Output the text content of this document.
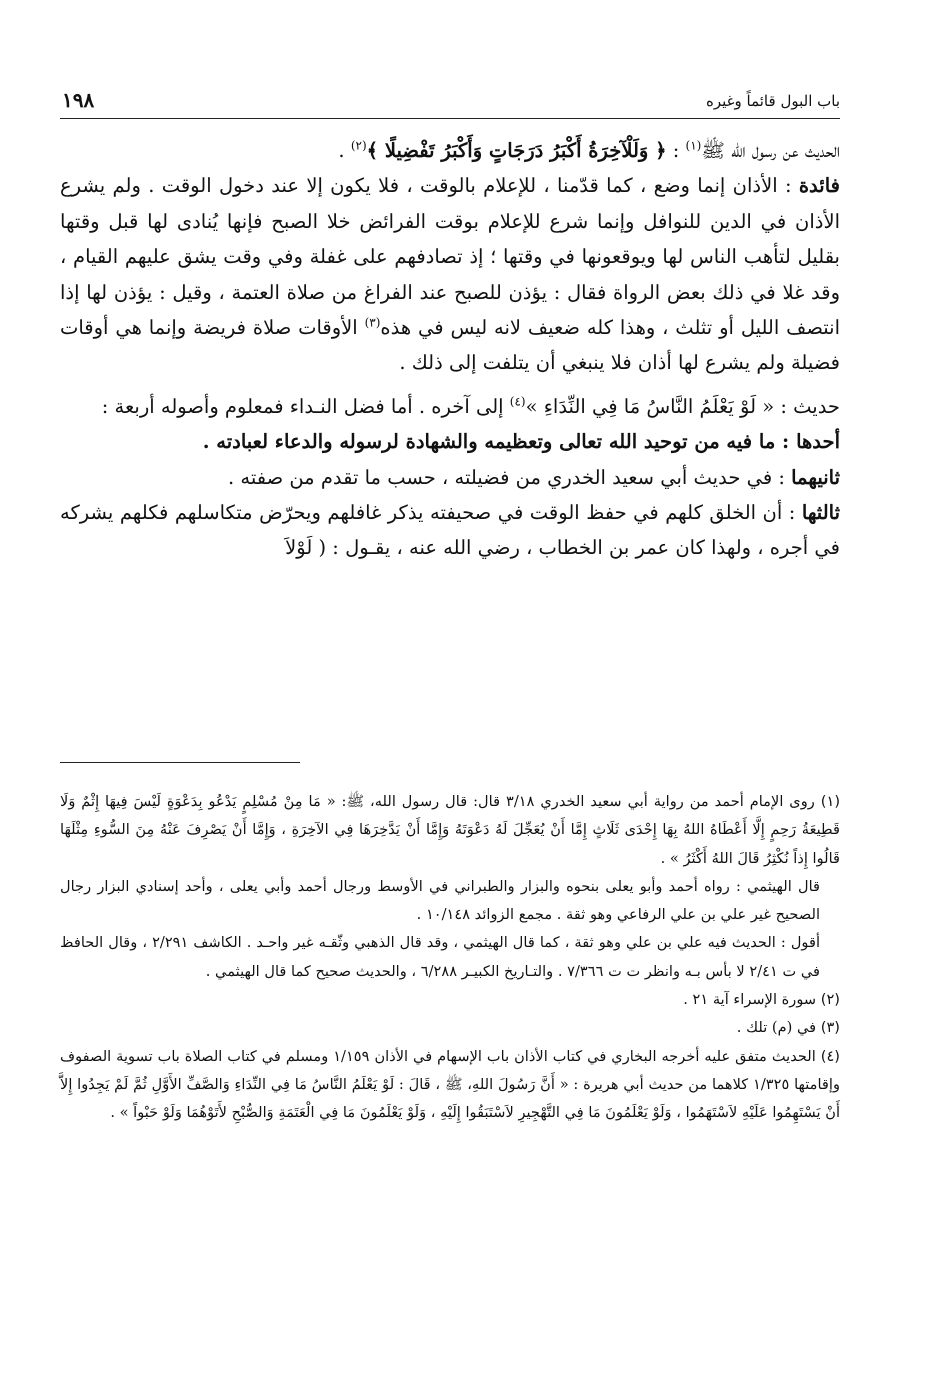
باب البول قائماً وغيره
١٩٨

الحديث عن رسول الله ﷺ$^{(١)}$ : ﴿ وَلَلْآخِرَةُ أَكْبَرُ دَرَجَاتٍ وَأَكْبَرُ تَفْضِيلًا ﴾$^{(٢)}$ .

فائدة : الأذان إنما وضع ، كما قدّمنا ، للإعلام بالوقت ، فلا يكون إلا عند دخول الوقت . ولم يشرع الأذان في الدين للنوافل وإنما شرع للإعلام بوقت الفرائض خلا الصبح فإنها يُنادى لها قبل وقتها بقليل لتأهب الناس لها ويوقعونها في وقتها ؛ إذ تصادفهم على غفلة وفي وقت يشق عليهم القيام ، وقد غلا في ذلك بعض الرواة فقال : يؤذن للصبح عند الفراغ من صلاة العتمة ، وقيل : يؤذن لها إذا انتصف الليل أو تثلث ، وهذا كله ضعيف لانه ليس في هذه$^{(٣)}$ الأوقات صلاة فريضة وإنما هي أوقات فضيلة ولم يشرع لها أذان فلا ينبغي أن يتلفت إلى ذلك .

حديث : « لَوْ يَعْلَمُ النَّاسُ مَا فِي النِّدَاءِ »$^{(٤)}$ إلى آخره . أما فضل النـداء فمعلوم وأصوله أربعة :

أحدها : ما فيه من توحيد الله تعالى وتعظيمه والشهادة لرسوله والدعاء لعبادته .

ثانيهما : في حديث أبي سعيد الخدري من فضيلته ، حسب ما تقدم من صفته .

ثالثها : أن الخلق كلهم في حفظ الوقت في صحيفته يذكر غافلهم ويحرّض متكاسلهم فكلهم يشركه في أجره ، ولهذا كان عمر بن الخطاب ، رضي الله عنه ، يقـول : ( لَوْلاَ

(١) روى الإمام أحمد من رواية أبي سعيد الخدري ٣/١٨ قال: قال رسول الله، ﷺ: « مَا مِنْ مُسْلِمٍ يَدْعُو بِدَعْوَةٍ لَيْسَ فِيهَا إِثْمٌ وَلَا قَطِيعَةُ رَحِمٍ إِلَّا أَعْطَاهُ اللهُ بِهَا إِحْدَى ثَلَاثٍ إِمَّا أَنْ يُعَجِّلَ لَهُ دَعْوَتَهُ وَإِمَّا أَنْ يَدَّخِرَهَا فِي الآخِرَةِ ، وَإِمَّا أَنْ يَصْرِفَ عَنْهُ مِنَ السُّوءِ مِثْلَهَا قَالُوا إِذاً نُكْثِرُ قَالَ اللهُ أَكْثَرُ » .

قال الهيثمي : رواه أحمد وأبو يعلى بنحوه والبزار والطبراني في الأوسط ورجال أحمد وأبي يعلى ، وأحد إسنادي البزار رجال الصحيح غير علي بن علي الرفاعي وهو ثقة . مجمع الزوائد ١٠/١٤٨ .

أقول : الحديث فيه علي بن علي وهو ثقة ، كما قال الهيثمي ، وقد قال الذهبي وثّقـه غير واحـد . الكاشف ٢/٢٩١ ، وقال الحافظ في ت ٢/٤١ لا بأس بـه وانظر ت ت ٧/٣٦٦ . والتـاريخ الكبيـر ٦/٢٨٨ ، والحديث صحيح كما قال الهيثمي .

(٢) سورة الإسراء آية ٢١ .

(٣) في (م) تلك .

(٤) الحديث متفق عليه أخرجه البخاري في كتاب الأذان باب الإسهام في الأذان ١/١٥٩ ومسلم في كتاب الصلاة باب تسوية الصفوف وإقامتها ١/٣٢٥ كلاهما من حديث أبي هريرة : « أَنَّ رَسُولَ اللهِ، ﷺ ، قَالَ : لَوْ يَعْلَمُ النَّاسُ مَا فِي النِّدَاءِ وَالصَّفِّ الأَوَّلِ ثُمَّ لَمْ يَجِدُوا إِلاَّ أَنْ يَسْتَهِمُوا عَلَيْهِ لاَسْتَهَمُوا ، وَلَوْ يَعْلَمُونَ مَا فِي التَّهْجِيرِ لاَسْتَبَقُوا إِلَيْهِ ، وَلَوْ يَعْلَمُونَ مَا فِي الْعَتَمَةِ وَالصُّبْحِ لأَتَوْهُمَا وَلَوْ حَبْواً » .
